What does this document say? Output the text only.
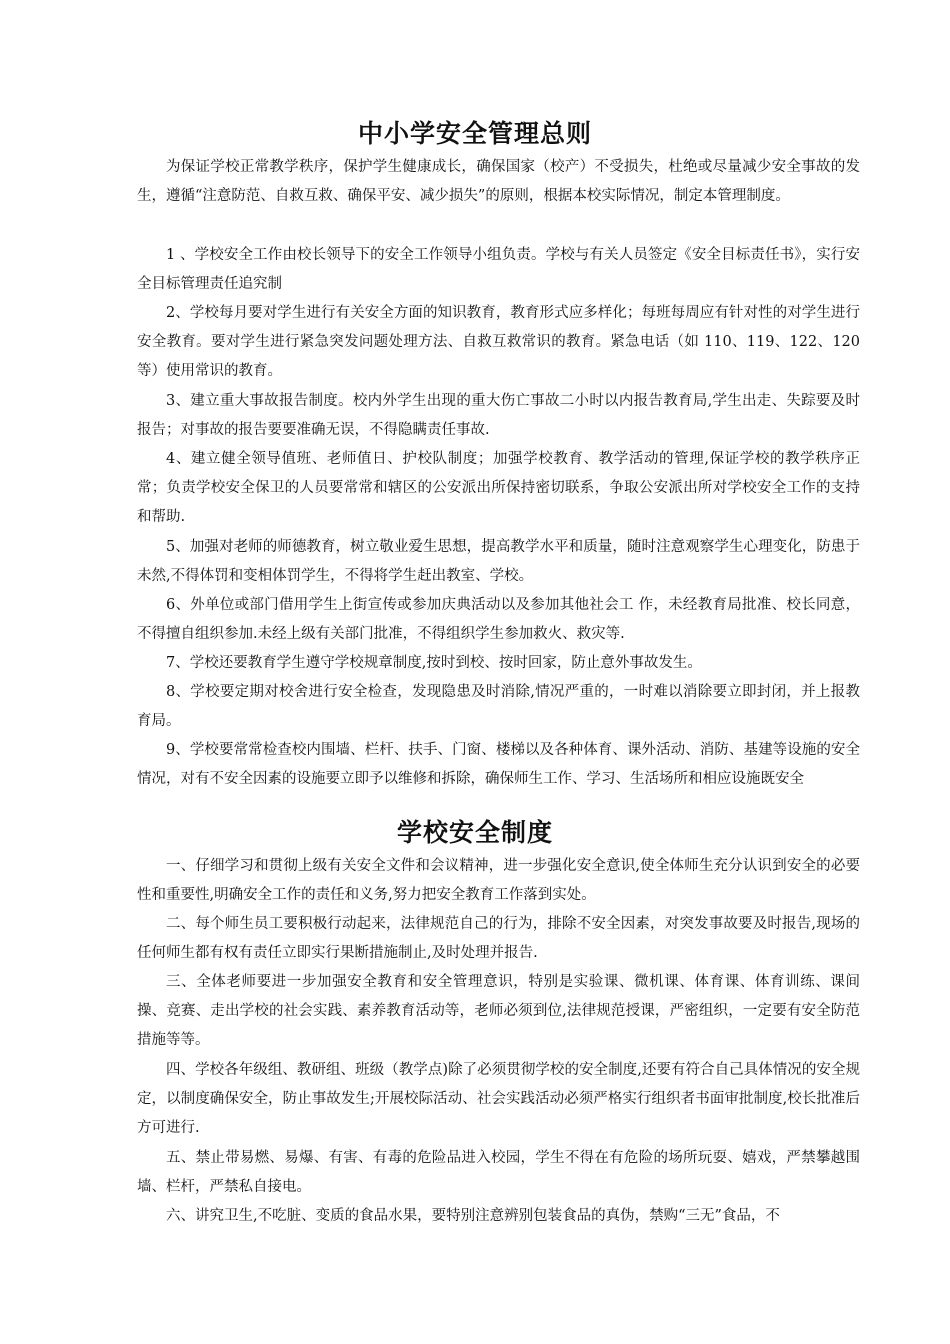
中小学安全管理总则

为保证学校正常教学秩序，保护学生健康成长，确保国家（校产）不受损失，杜绝或尽量减少安全事故的发生，遵循“注意防范、自救互救、确保平安、减少损失”的原则，根据本校实际情况，制定本管理制度。

1 、学校安全工作由校长领导下的安全工作领导小组负责。学校与有关人员签定《安全目标责任书》，实行安全目标管理责任追究制

2、学校每月要对学生进行有关安全方面的知识教育，教育形式应多样化；每班每周应有针对性的对学生进行安全教育。要对学生进行紧急突发问题处理方法、自救互救常识的教育。紧急电话（如 110、119、122、120 等）使用常识的教育。

3、建立重大事故报告制度。校内外学生出现的重大伤亡事故二小时以内报告教育局,学生出走、失踪要及时报告；对事故的报告要要准确无误，不得隐瞒责任事故.

4、建立健全领导值班、老师值日、护校队制度；加强学校教育、教学活动的管理,保证学校的教学秩序正常；负责学校安全保卫的人员要常常和辖区的公安派出所保持密切联系，争取公安派出所对学校安全工作的支持和帮助.

5、加强对老师的师德教育，树立敬业爱生思想，提高教学水平和质量，随时注意观察学生心理变化，防患于未然,不得体罚和变相体罚学生，不得将学生赶出教室、学校。

6、外单位或部门借用学生上街宣传或参加庆典活动以及参加其他社会工 作，未经教育局批准、校长同意，不得擅自组织参加.未经上级有关部门批准，不得组织学生参加救火、救灾等.

7、学校还要教育学生遵守学校规章制度,按时到校、按时回家，防止意外事故发生。

8、学校要定期对校舍进行安全检查，发现隐患及时消除,情况严重的，一时难以消除要立即封闭，并上报教育局。

9、学校要常常检查校内围墙、栏杆、扶手、门窗、楼梯以及各种体育、课外活动、消防、基建等设施的安全情况，对有不安全因素的设施要立即予以维修和拆除，确保师生工作、学习、生活场所和相应设施既安全

学校安全制度

一、仔细学习和贯彻上级有关安全文件和会议精神，进一步强化安全意识,使全体师生充分认识到安全的必要性和重要性,明确安全工作的责任和义务,努力把安全教育工作落到实处。

二、每个师生员工要积极行动起来，法律规范自己的行为，排除不安全因素，对突发事故要及时报告,现场的任何师生都有权有责任立即实行果断措施制止,及时处理并报告.

三、全体老师要进一步加强安全教育和安全管理意识，特别是实验课、微机课、体育课、体育训练、课间操、竞赛、走出学校的社会实践、素养教育活动等，老师必须到位,法律规范授课，严密组织，一定要有安全防范措施等等。

四、学校各年级组、教研组、班级（教学点)除了必须贯彻学校的安全制度,还要有符合自己具体情况的安全规定，以制度确保安全，防止事故发生;开展校际活动、社会实践活动必须严格实行组织者书面审批制度,校长批准后方可进行.

五、禁止带易燃、易爆、有害、有毒的危险品进入校园，学生不得在有危险的场所玩耍、嬉戏，严禁攀越围墙、栏杆，严禁私自接电。

六、讲究卫生,不吃脏、变质的食品水果，要特别注意辨别包装食品的真伪，禁购“三无”食品，不
